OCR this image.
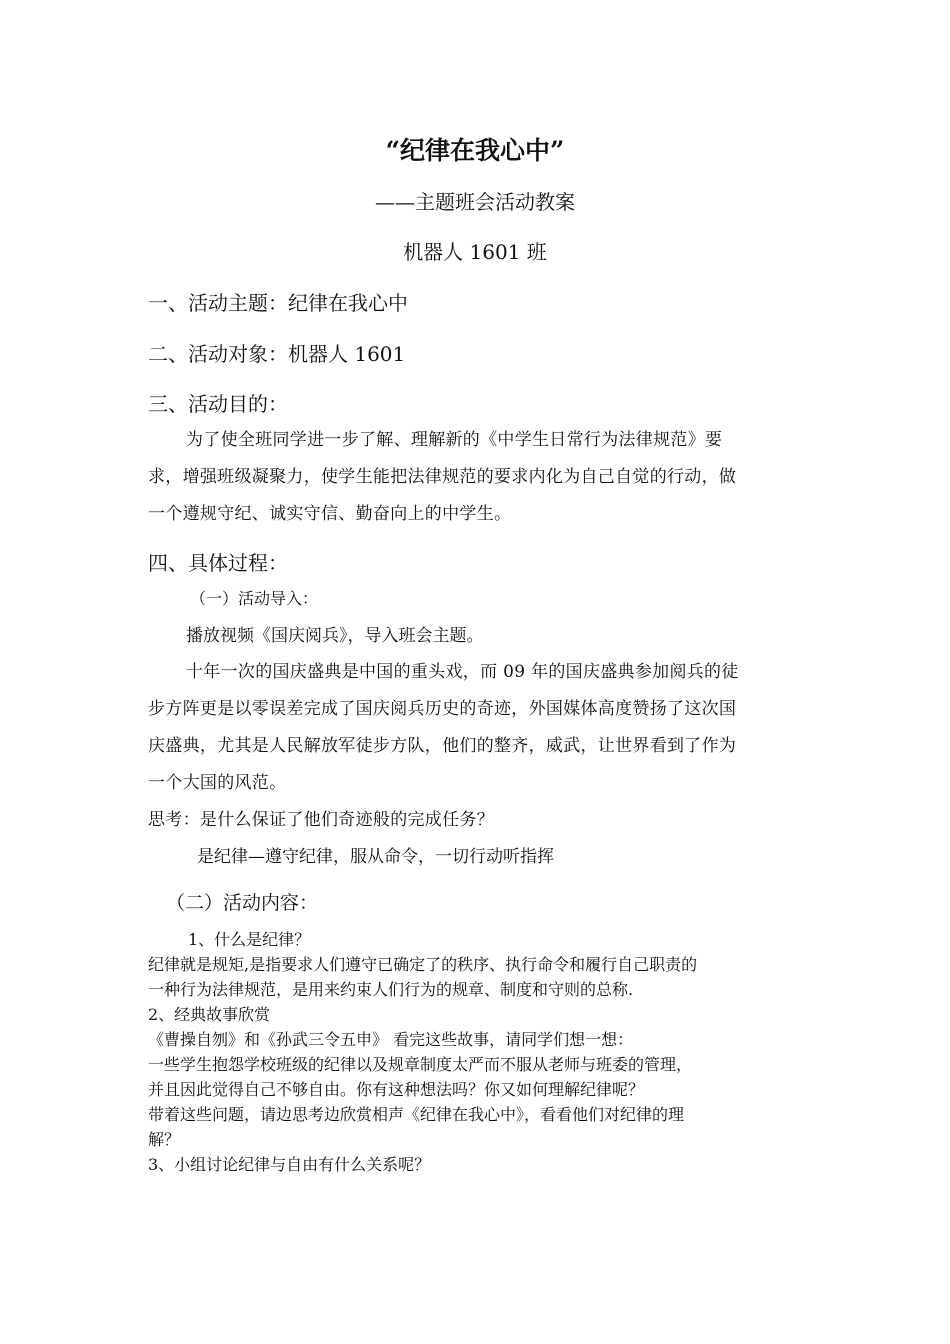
“纪律在我心中”
——主题班会活动教案
机器人 1601 班
一、活动主题：纪律在我心中
二、活动对象：机器人 1601
三、活动目的：
为了使全班同学进一步了解、理解新的《中学生日常行为法律规范》要
求，增强班级凝聚力，使学生能把法律规范的要求内化为自己自觉的行动，做
一个遵规守纪、诚实守信、勤奋向上的中学生。
四、具体过程：
（一）活动导入：
播放视频《国庆阅兵》，导入班会主题。
十年一次的国庆盛典是中国的重头戏，而 09 年的国庆盛典参加阅兵的徒
步方阵更是以零误差完成了国庆阅兵历史的奇迹，外国媒体高度赞扬了这次国
庆盛典，尤其是人民解放军徒步方队，他们的整齐，威武，让世界看到了作为
一个大国的风范。
思考：是什么保证了他们奇迹般的完成任务？
是纪律—遵守纪律，服从命令，一切行动听指挥
（二）活动内容：
1、什么是纪律？
纪律就是规矩,是指要求人们遵守已确定了的秩序、执行命令和履行自己职责的
一种行为法律规范，是用来约束人们行为的规章、制度和守则的总称.
2、经典故事欣赏
《曹操自刎》和《孙武三令五申》 看完这些故事，请同学们想一想：
一些学生抱怨学校班级的纪律以及规章制度太严而不服从老师与班委的管理，
并且因此觉得自己不够自由。你有这种想法吗？你又如何理解纪律呢？
带着这些问题，请边思考边欣赏相声《纪律在我心中》，看看他们对纪律的理
解？
3、小组讨论纪律与自由有什么关系呢？
